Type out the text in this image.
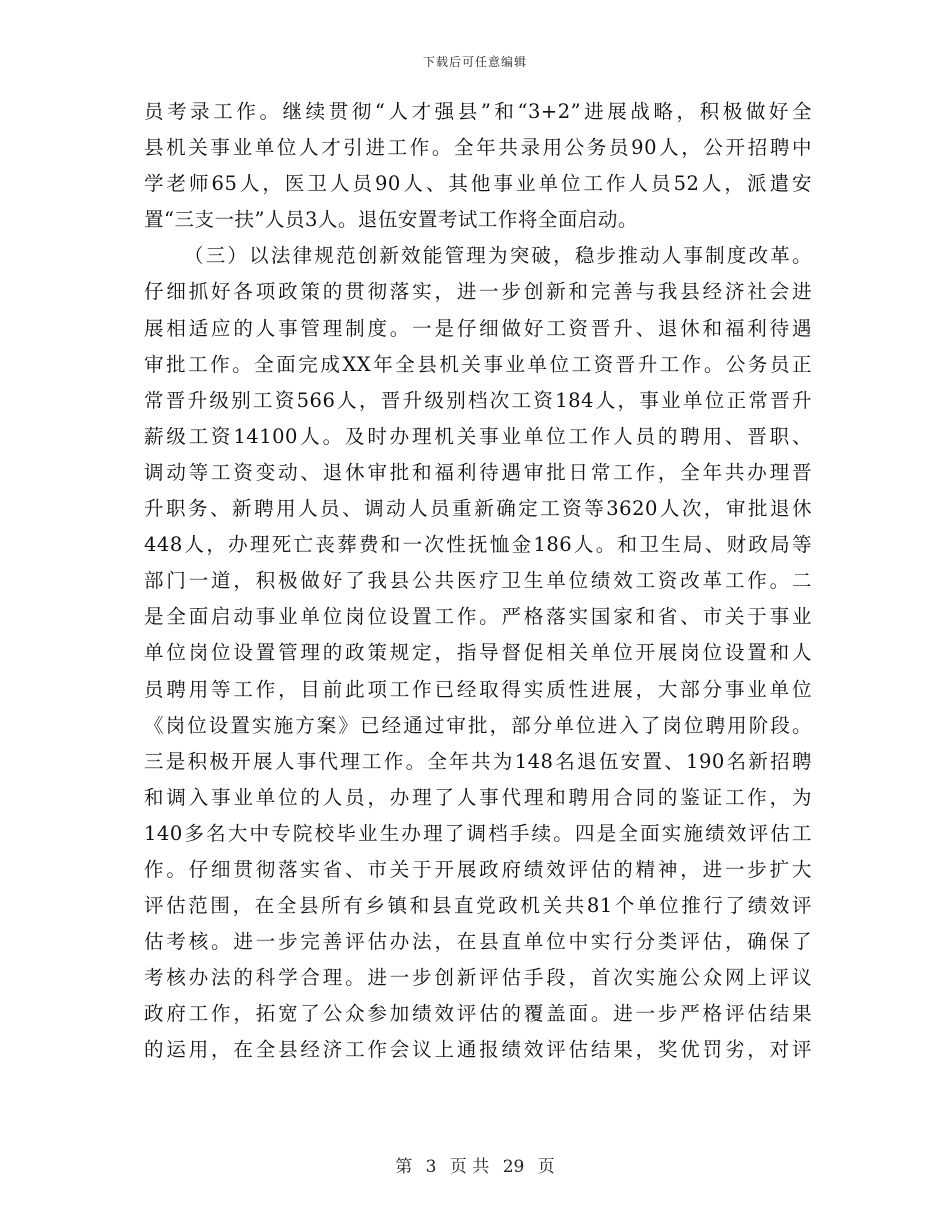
下载后可任意编辑
员考录工作。继续贯彻“人才强县”和“3+2”进展战略，积极做好全
县机关事业单位人才引进工作。全年共录用公务员90人，公开招聘中
学老师65人，医卫人员90人、其他事业单位工作人员52人，派遣安
置“三支一扶”人员3人。退伍安置考试工作将全面启动。
（三）以法律规范创新效能管理为突破，稳步推动人事制度改革。
仔细抓好各项政策的贯彻落实，进一步创新和完善与我县经济社会进
展相适应的人事管理制度。一是仔细做好工资晋升、退休和福利待遇
审批工作。全面完成XX年全县机关事业单位工资晋升工作。公务员正
常晋升级别工资566人，晋升级别档次工资184人，事业单位正常晋升
薪级工资14100人。及时办理机关事业单位工作人员的聘用、晋职、
调动等工资变动、退休审批和福利待遇审批日常工作，全年共办理晋
升职务、新聘用人员、调动人员重新确定工资等3620人次，审批退休
448人，办理死亡丧葬费和一次性抚恤金186人。和卫生局、财政局等
部门一道，积极做好了我县公共医疗卫生单位绩效工资改革工作。二
是全面启动事业单位岗位设置工作。严格落实国家和省、市关于事业
单位岗位设置管理的政策规定，指导督促相关单位开展岗位设置和人
员聘用等工作，目前此项工作已经取得实质性进展，大部分事业单位
《岗位设置实施方案》已经通过审批，部分单位进入了岗位聘用阶段。
三是积极开展人事代理工作。全年共为148名退伍安置、190名新招聘
和调入事业单位的人员，办理了人事代理和聘用合同的鉴证工作，为
140多名大中专院校毕业生办理了调档手续。四是全面实施绩效评估工
作。仔细贯彻落实省、市关于开展政府绩效评估的精神，进一步扩大
评估范围，在全县所有乡镇和县直党政机关共81个单位推行了绩效评
估考核。进一步完善评估办法，在县直单位中实行分类评估，确保了
考核办法的科学合理。进一步创新评估手段，首次实施公众网上评议
政府工作，拓宽了公众参加绩效评估的覆盖面。进一步严格评估结果
的运用，在全县经济工作会议上通报绩效评估结果，奖优罚劣，对评
第 3 页 共 29 页
